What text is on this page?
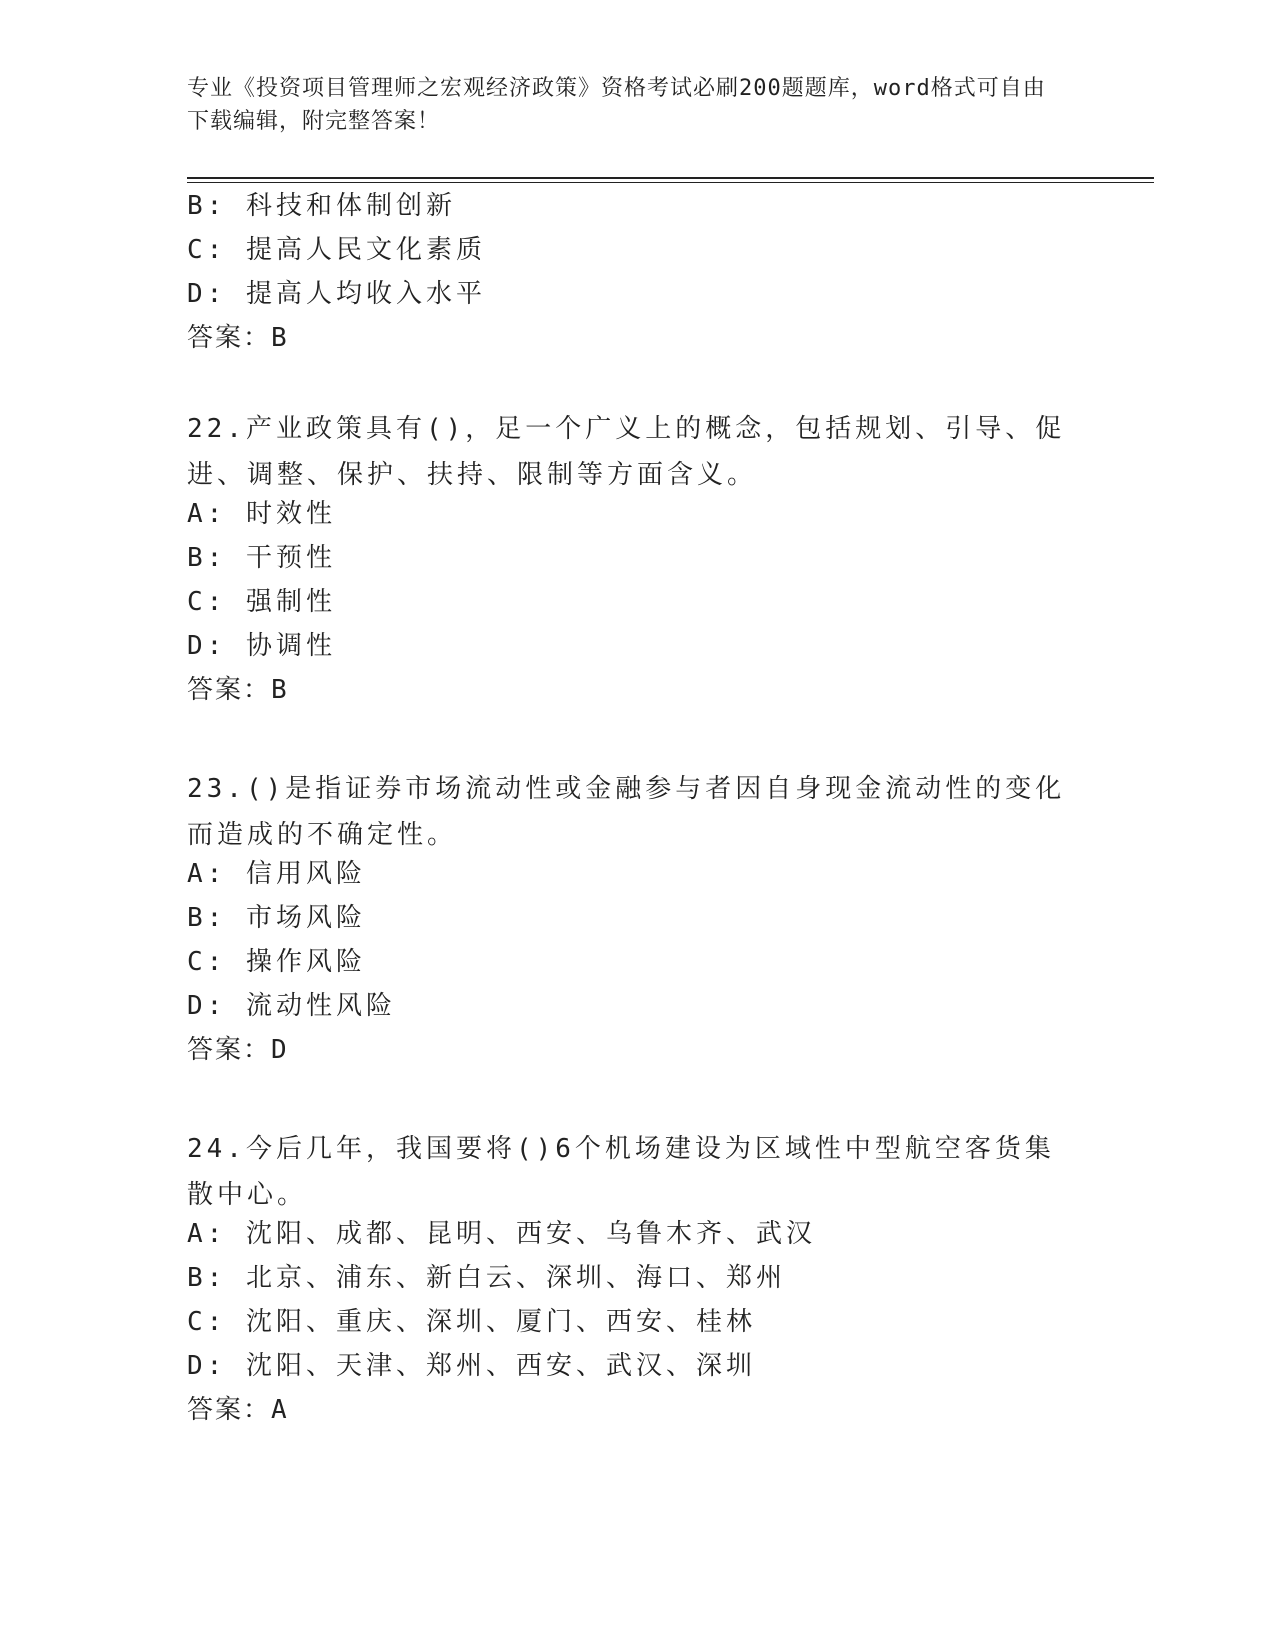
专业《投资项目管理师之宏观经济政策》资格考试必刷200题题库，word格式可自由下载编辑，附完整答案！
B: 科技和体制创新
C: 提高人民文化素质
D: 提高人均收入水平
答案：B
22.产业政策具有()，足一个广义上的概念，包括规划、引导、促进、调整、保护、扶持、限制等方面含义。
A: 时效性
B: 干预性
C: 强制性
D: 协调性
答案：B
23.()是指证券市场流动性或金融参与者因自身现金流动性的变化而造成的不确定性。
A: 信用风险
B: 市场风险
C: 操作风险
D: 流动性风险
答案：D
24.今后几年，我国要将()6个机场建设为区域性中型航空客货集散中心。
A: 沈阳、成都、昆明、西安、乌鲁木齐、武汉
B: 北京、浦东、新白云、深圳、海口、郑州
C: 沈阳、重庆、深圳、厦门、西安、桂林
D: 沈阳、天津、郑州、西安、武汉、深圳
答案：A
